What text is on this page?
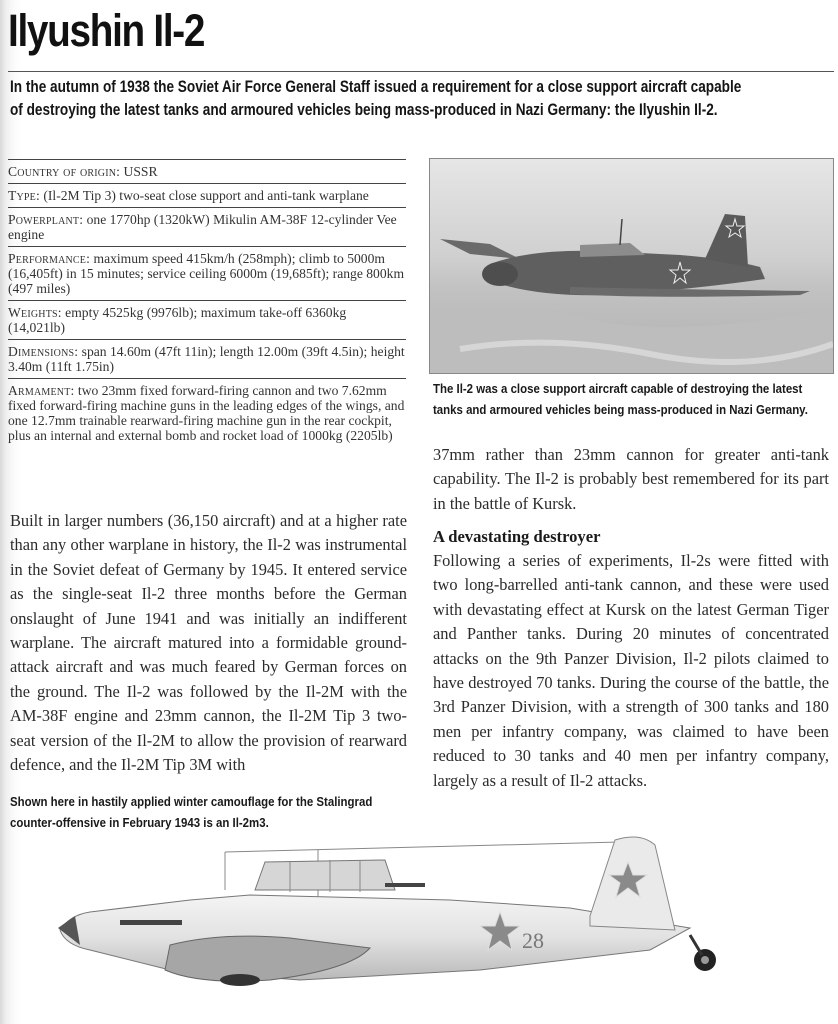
Ilyushin Il-2

In the autumn of 1938 the Soviet Air Force General Staff issued a requirement for a close support aircraft capable
of destroying the latest tanks and armoured vehicles being mass-produced in Nazi Germany: the Ilyushin Il-2.

Country of origin: USSR
Type: (Il-2M Tip 3) two-seat close support and anti-tank warplane
Powerplant: one 1770hp (1320kW) Mikulin AM-38F 12-cylinder Vee engine
Performance: maximum speed 415km/h (258mph); climb to 5000m (16,405ft) in 15 minutes; service ceiling 6000m (19,685ft); range 800km (497 miles)
Weights: empty 4525kg (9976lb); maximum take-off 6360kg (14,021lb)
Dimensions: span 14.60m (47ft 11in); length 12.00m (39ft 4.5in); height 3.40m (11ft 1.75in)
Armament: two 23mm fixed forward-firing cannon and two 7.62mm fixed forward-firing machine guns in the leading edges of the wings, and one 12.7mm trainable rearward-firing machine gun in the rear cockpit, plus an internal and external bomb and rocket load of 1000kg (2205lb)

The Il-2 was a close support aircraft capable of destroying the latest tanks and armoured vehicles being mass-produced in Nazi Germany.

Built in larger numbers (36,150 aircraft) and at a higher rate than any other warplane in history, the Il-2 was instrumental in the Soviet defeat of Germany by 1945. It entered service as the single-seat Il-2 three months before the German onslaught of June 1941 and was initially an indifferent warplane. The aircraft matured into a formidable ground-attack aircraft and was much feared by German forces on the ground. The Il-2 was followed by the Il-2M with the AM-38F engine and 23mm cannon, the Il-2M Tip 3 two-seat version of the Il-2M to allow the provision of rearward defence, and the Il-2M Tip 3M with

37mm rather than 23mm cannon for greater anti-tank capability. The Il-2 is probably best remembered for its part in the battle of Kursk.

A devastating destroyer

Following a series of experiments, Il-2s were fitted with two long-barrelled anti-tank cannon, and these were used with devastating effect at Kursk on the latest German Tiger and Panther tanks. During 20 minutes of concentrated attacks on the 9th Panzer Division, Il-2 pilots claimed to have destroyed 70 tanks. During the course of the battle, the 3rd Panzer Division, with a strength of 300 tanks and 180 men per infantry company, was claimed to have been reduced to 30 tanks and 40 men per infantry company, largely as a result of Il-2 attacks.

Shown here in hastily applied winter camouflage for the Stalingrad
counter-offensive in February 1943 is an Il-2m3.

28
